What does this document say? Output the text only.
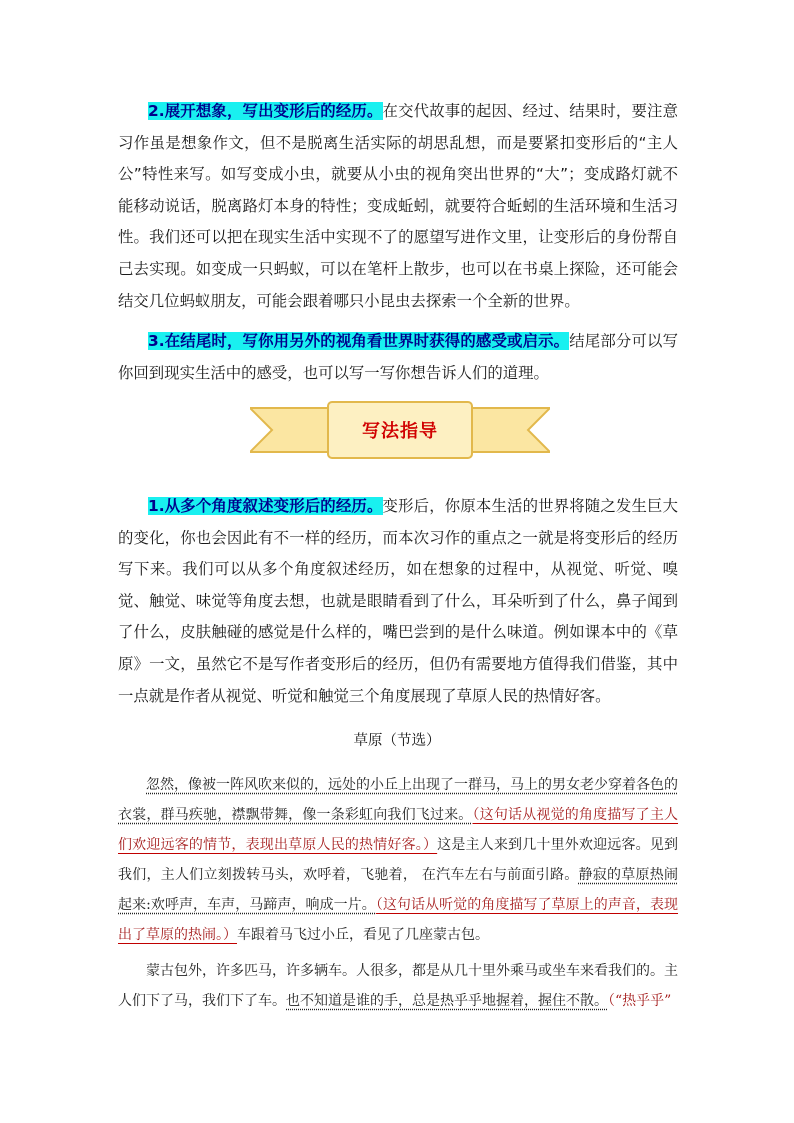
2.展开想象，写出变形后的经历。在交代故事的起因、经过、结果时，要注意习作虽是想象作文，但不是脱离生活实际的胡思乱想，而是要紧扣变形后的“主人公”特性来写。如写变成小虫，就要从小虫的视角突出世界的“大”；变成路灯就不能移动说话，脱离路灯本身的特性；变成蚯蚓，就要符合蚯蚓的生活环境和生活习性。我们还可以把在现实生活中实现不了的愿望写进作文里，让变形后的身份帮自己去实现。如变成一只蚂蚁，可以在笔杆上散步，也可以在书桌上探险，还可能会结交几位蚂蚁朋友，可能会跟着哪只小昆虫去探索一个全新的世界。
3.在结尾时，写你用另外的视角看世界时获得的感受或启示。结尾部分可以写你回到现实生活中的感受，也可以写一写你想告诉人们的道理。
写法指导
1.从多个角度叙述变形后的经历。变形后，你原本生活的世界将随之发生巨大的变化，你也会因此有不一样的经历，而本次习作的重点之一就是将变形后的经历写下来。我们可以从多个角度叙述经历，如在想象的过程中，从视觉、听觉、嗅觉、触觉、味觉等角度去想，也就是眼睛看到了什么，耳朵听到了什么，鼻子闻到了什么，皮肤触碰的感觉是什么样的，嘴巴尝到的是什么味道。例如课本中的《草原》一文，虽然它不是写作者变形后的经历，但仍有需要地方值得我们借鉴，其中一点就是作者从视觉、听觉和触觉三个角度展现了草原人民的热情好客。
草原（节选）
忽然，像被一阵风吹来似的，远处的小丘上出现了一群马，马上的男女老少穿着各色的衣裳，群马疾驰，襟飘带舞，像一条彩虹向我们飞过来。（这句话从视觉的角度描写了主人们欢迎远客的情节，表现出草原人民的热情好客。）这是主人来到几十里外欢迎远客。见到我们，主人们立刻拨转马头，欢呼着，飞驰着， 在汽车左右与前面引路。静寂的草原热闹起来:欢呼声，车声，马蹄声，响成一片。（这句话从听觉的角度描写了草原上的声音，表现出了草原的热闹。）车跟着马飞过小丘，看见了几座蒙古包。
蒙古包外，许多匹马，许多辆车。人很多，都是从几十里外乘马或坐车来看我们的。主人们下了马，我们下了车。也不知道是谁的手，总是热乎乎地握着，握住不散。（“热乎乎”
